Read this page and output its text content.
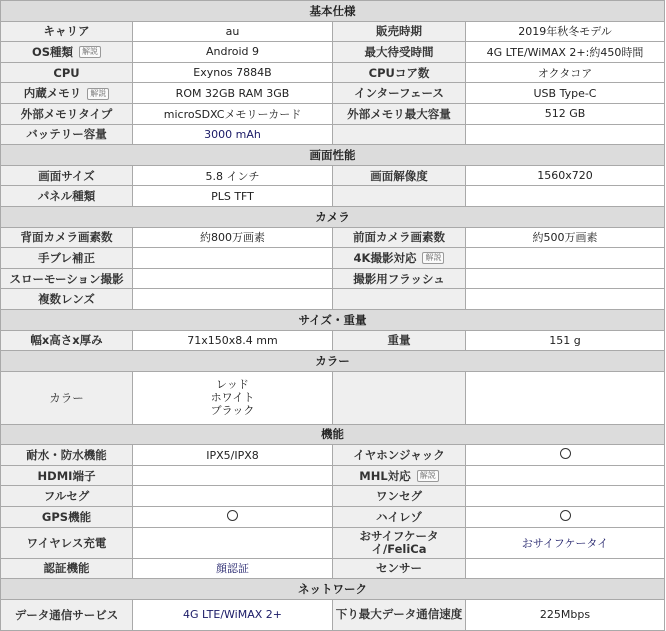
基本仕様			
キャリア	au	販売時期	2019年秋冬モデル
OS種類 解説	Android 9	最大待受時間	4G LTE/WiMAX 2+:約450時間
CPU	Exynos 7884B	CPUコア数	オクタコア
内蔵メモリ 解説	ROM 32GB RAM 3GB	インターフェース	USB Type-C
外部メモリタイプ	microSDXCメモリーカード	外部メモリ最大容量	512 GB
バッテリー容量	3000 mAh		
画面性能			
画面サイズ	5.8 インチ	画面解像度	1560x720
パネル種類	PLS TFT		
カメラ			
背面カメラ画素数	約800万画素	前面カメラ画素数	約500万画素
手ブレ補正		4K撮影対応 解説	
スローモーション撮影		撮影用フラッシュ	
複数レンズ			
サイズ・重量			
幅x高さx厚み	71x150x8.4 mm	重量	151 g
カラー			
カラー	レッド
ホワイト
ブラック		

機能			
耐水・防水機能	IPX5/IPX8	イヤホンジャック	
HDMI端子		MHL対応 解説	
フルセグ		ワンセグ	
GPS機能		ハイレゾ	
ワイヤレス充電		おサイフケータイ/FeliCa	おサイフケータイ
認証機能	顔認証	センサー	
ネットワーク			
データ通信サービス	4G LTE/WiMAX 2+	下り最大データ通信速度	225Mbps
